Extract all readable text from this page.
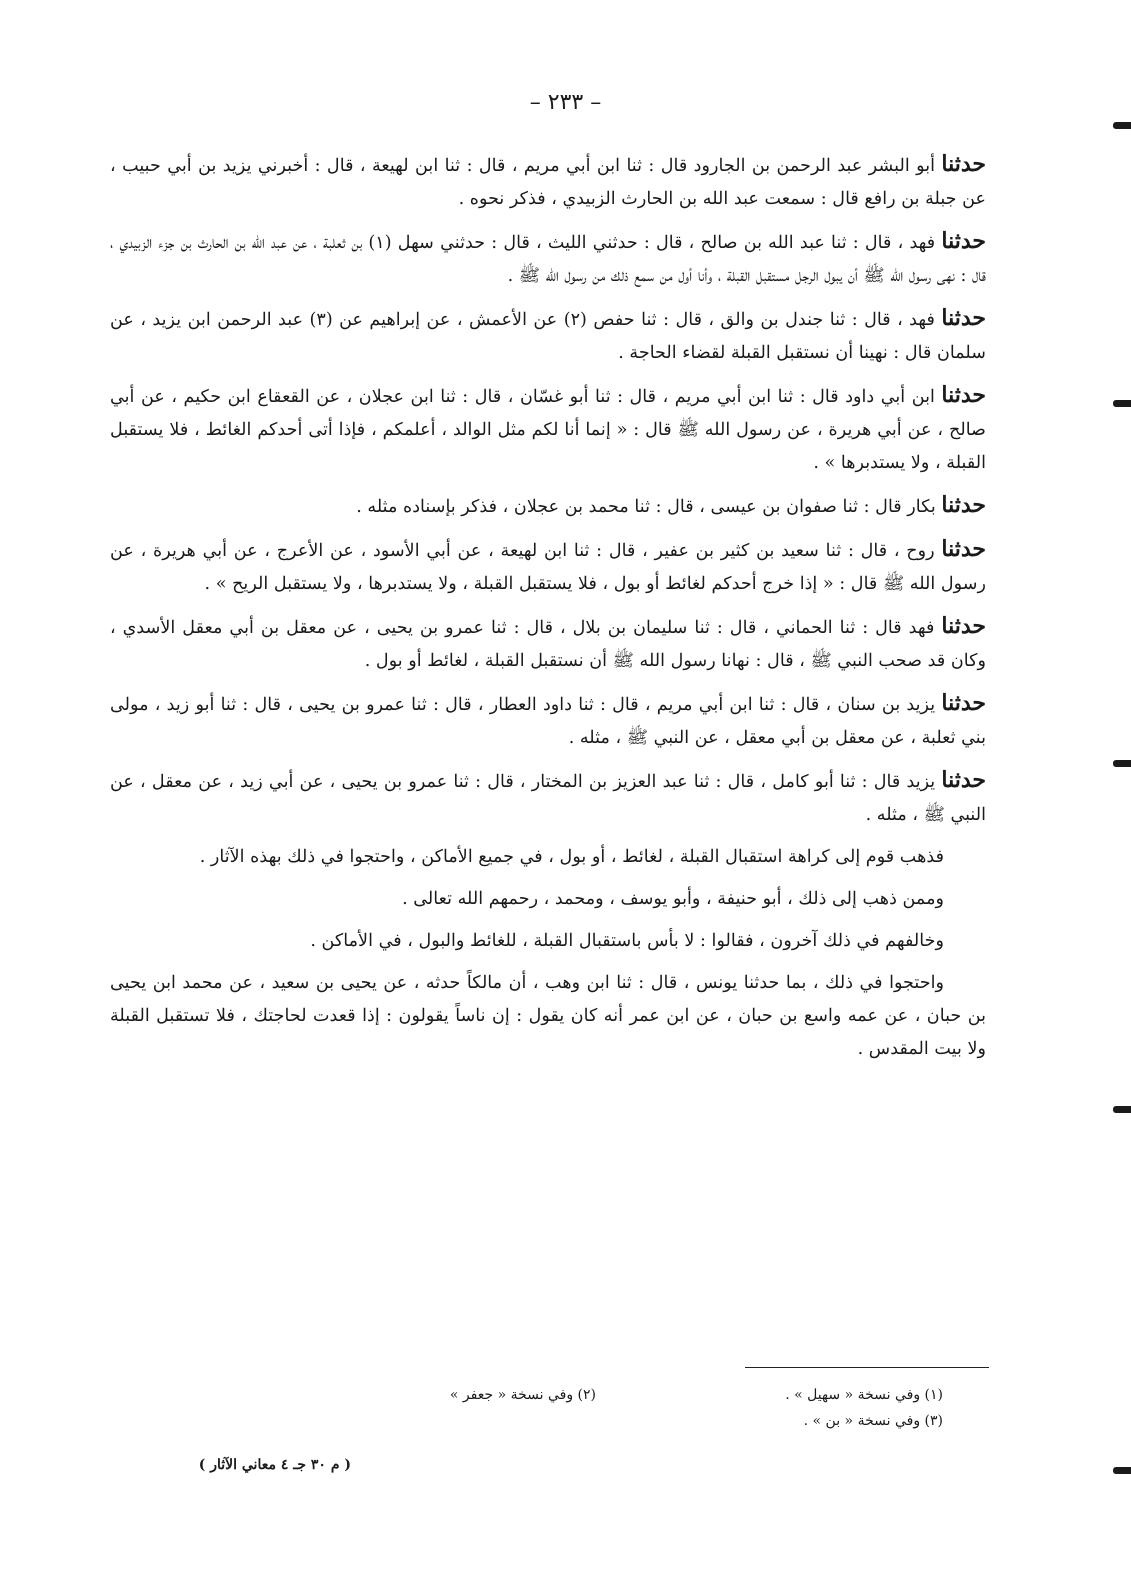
– ٢٣٣ –

حدثنا أبو البشر عبد الرحمن بن الجارود قال : ثنا ابن أبي مريم ، قال : ثنا ابن لهيعة ، قال : أخبرني يزيد بن أبي حبيب ، عن جبلة بن رافع قال : سمعت عبد الله بن الحارث الزبيدي ، فذكر نحوه .

حدثنا فهد ، قال : ثنا عبد الله بن صالح ، قال : حدثني الليث ، قال : حدثني سهل (١) بن ثعلبة ، عن عبد الله بن الحارث بن جزء الزبيدي ، قال : نهى رسول الله ﷺ أن يبول الرجل مستقبل القبلة ، وأنا أول من سمع ذلك من رسول الله ﷺ .

حدثنا فهد ، قال : ثنا جندل بن والق ، قال : ثنا حفص (٢) عن الأعمش ، عن إبراهيم عن (٣) عبد الرحمن ابن يزيد ، عن سلمان قال : نهينا أن نستقبل القبلة لقضاء الحاجة .

حدثنا ابن أبي داود قال : ثنا ابن أبي مريم ، قال : ثنا أبو غسّان ، قال : ثنا ابن عجلان ، عن القعقاع ابن حكيم ، عن أبي صالح ، عن أبي هريرة ، عن رسول الله ﷺ قال : « إنما أنا لكم مثل الوالد ، أعلمكم ، فإذا أتى أحدكم الغائط ، فلا يستقبل القبلة ، ولا يستدبرها » .

حدثنا بكار قال : ثنا صفوان بن عيسى ، قال : ثنا محمد بن عجلان ، فذكر بإسناده مثله .

حدثنا روح ، قال : ثنا سعيد بن كثير بن عفير ، قال : ثنا ابن لهيعة ، عن أبي الأسود ، عن الأعرج ، عن أبي هريرة ، عن رسول الله ﷺ قال : « إذا خرج أحدكم لغائط أو بول ، فلا يستقبل القبلة ، ولا يستدبرها ، ولا يستقبل الريح » .

حدثنا فهد قال : ثنا الحماني ، قال : ثنا سليمان بن بلال ، قال : ثنا عمرو بن يحيى ، عن معقل بن أبي معقل الأسدي ، وكان قد صحب النبي ﷺ ، قال : نهانا رسول الله ﷺ أن نستقبل القبلة ، لغائط أو بول .

حدثنا يزيد بن سنان ، قال : ثنا ابن أبي مريم ، قال : ثنا داود العطار ، قال : ثنا عمرو بن يحيى ، قال : ثنا أبو زيد ، مولى بني ثعلبة ، عن معقل بن أبي معقل ، عن النبي ﷺ ، مثله .

حدثنا يزيد قال : ثنا أبو كامل ، قال : ثنا عبد العزيز بن المختار ، قال : ثنا عمرو بن يحيى ، عن أبي زيد ، عن معقل ، عن النبي ﷺ ، مثله .

فذهب قوم إلى كراهة استقبال القبلة ، لغائط ، أو بول ، في جميع الأماكن ، واحتجوا في ذلك بهذه الآثار .

وممن ذهب إلى ذلك ، أبو حنيفة ، وأبو يوسف ، ومحمد ، رحمهم الله تعالى .

وخالفهم في ذلك آخرون ، فقالوا : لا بأس باستقبال القبلة ، للغائط والبول ، في الأماكن .

واحتجوا في ذلك ، بما حدثنا يونس ، قال : ثنا ابن وهب ، أن مالكاً حدثه ، عن يحيى بن سعيد ، عن محمد ابن يحيى بن حبان ، عن عمه واسع بن حبان ، عن ابن عمر أنه كان يقول : إن ناساً يقولون : إذا قعدت لحاجتك ، فلا تستقبل القبلة ولا بيت المقدس .

(١) وفي نسخة « سهيل » .
(٢) وفي نسخة « جعفر »
(٣) وفي نسخة « بن » .
( م ٣٠ جـ ٤ معاني الآثار )
